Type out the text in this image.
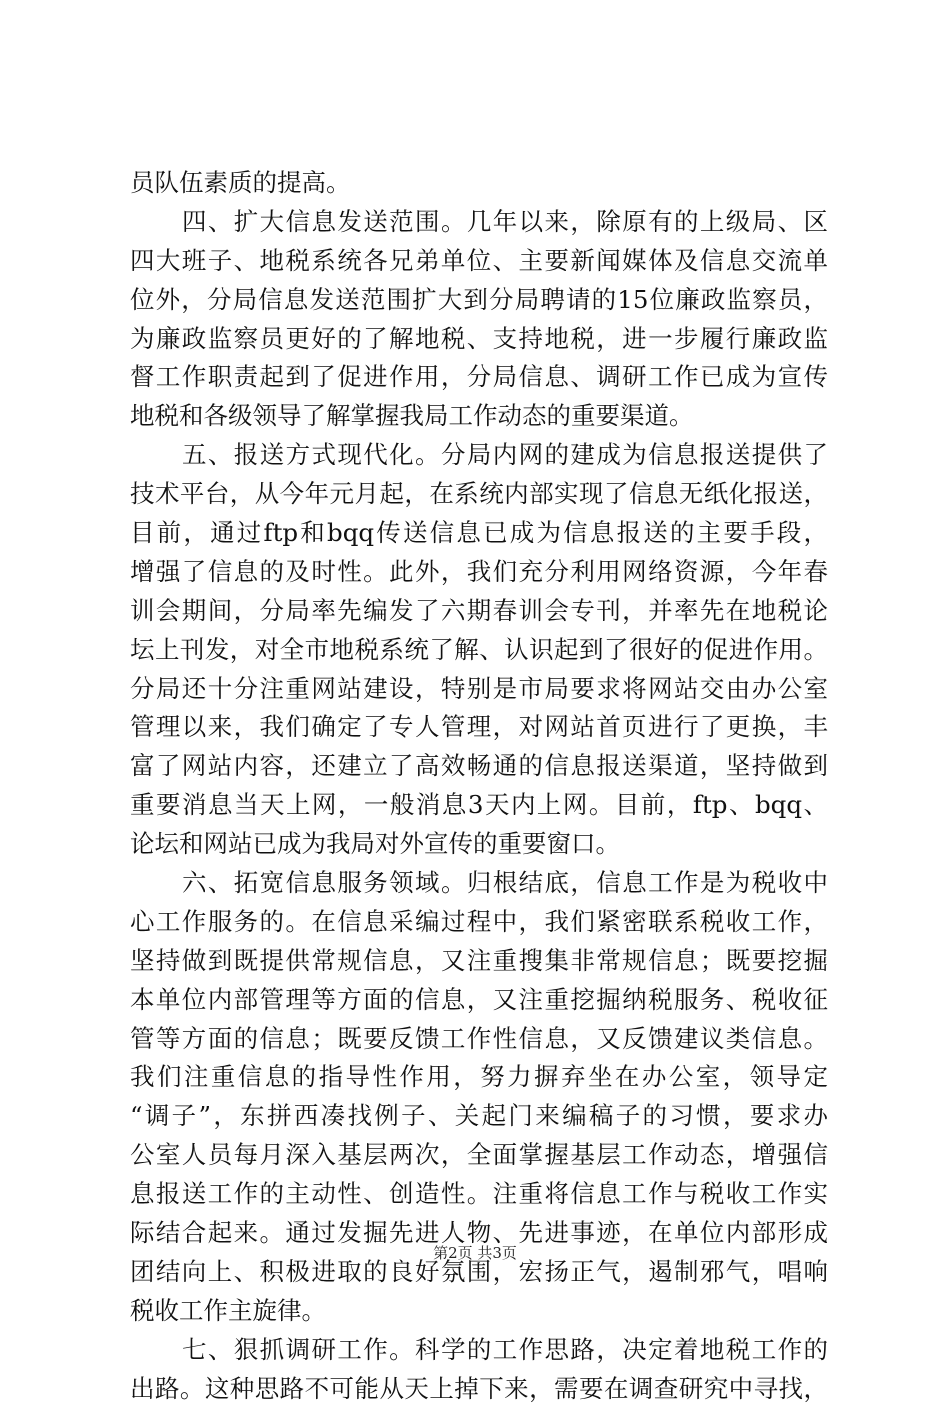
员队伍素质的提高。
四、扩大信息发送范围。几年以来，除原有的上级局、区
四大班子、地税系统各兄弟单位、主要新闻媒体及信息交流单
位外，分局信息发送范围扩大到分局聘请的15位廉政监察员，
为廉政监察员更好的了解地税、支持地税，进一步履行廉政监
督工作职责起到了促进作用，分局信息、调研工作已成为宣传
地税和各级领导了解掌握我局工作动态的重要渠道。
五、报送方式现代化。分局内网的建成为信息报送提供了
技术平台，从今年元月起，在系统内部实现了信息无纸化报送，
目前，通过ftp和bqq传送信息已成为信息报送的主要手段，
增强了信息的及时性。此外，我们充分利用网络资源，今年春
训会期间，分局率先编发了六期春训会专刊，并率先在地税论
坛上刊发，对全市地税系统了解、认识起到了很好的促进作用。
分局还十分注重网站建设，特别是市局要求将网站交由办公室
管理以来，我们确定了专人管理，对网站首页进行了更换，丰
富了网站内容，还建立了高效畅通的信息报送渠道，坚持做到
重要消息当天上网，一般消息3天内上网。目前，ftp、bqq、
论坛和网站已成为我局对外宣传的重要窗口。
六、拓宽信息服务领域。归根结底，信息工作是为税收中
心工作服务的。在信息采编过程中，我们紧密联系税收工作，
坚持做到既提供常规信息，又注重搜集非常规信息；既要挖掘
本单位内部管理等方面的信息，又注重挖掘纳税服务、税收征
管等方面的信息；既要反馈工作性信息，又反馈建议类信息。
我们注重信息的指导性作用，努力摒弃坐在办公室，领导定
“调子”，东拼西凑找例子、关起门来编稿子的习惯，要求办
公室人员每月深入基层两次，全面掌握基层工作动态，增强信
息报送工作的主动性、创造性。注重将信息工作与税收工作实
际结合起来。通过发掘先进人物、先进事迹，在单位内部形成
团结向上、积极进取的良好氛围，宏扬正气，遏制邪气，唱响
税收工作主旋律。
七、狠抓调研工作。科学的工作思路，决定着地税工作的
出路。这种思路不可能从天上掉下来，需要在调查研究中寻找，
第2页 共3页
